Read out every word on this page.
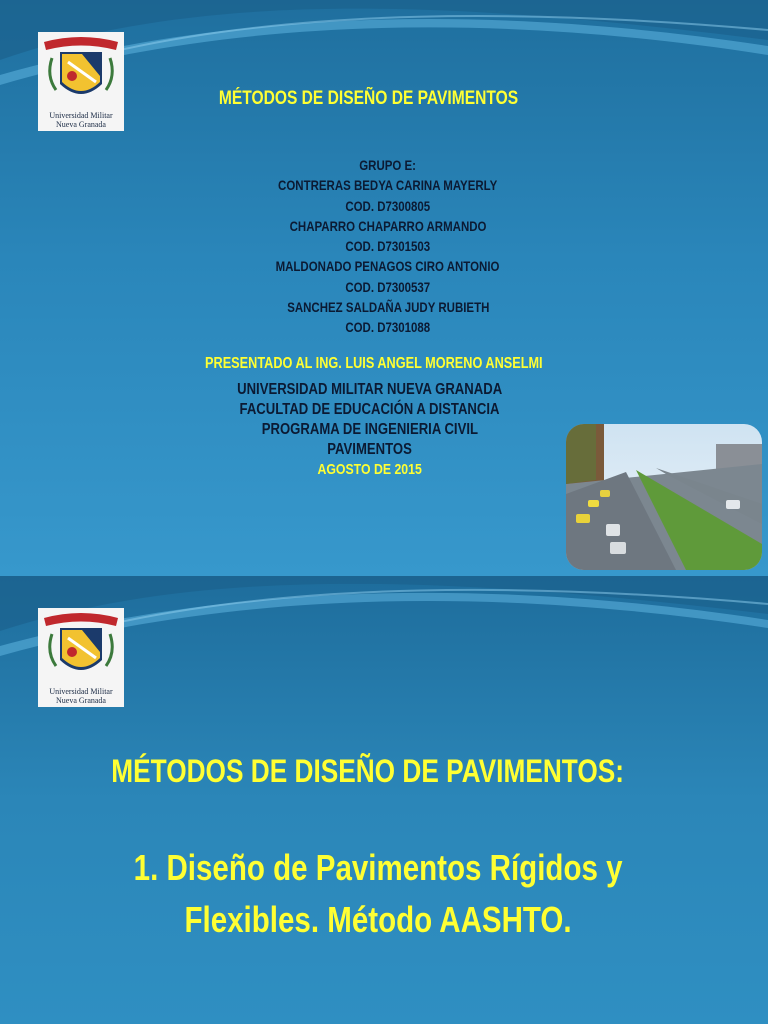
Universidad Militar
Nueva Granada
MÉTODOS DE DISEÑO DE PAVIMENTOS
GRUPO E:
CONTRERAS BEDYA CARINA MAYERLY
COD. D7300805
CHAPARRO CHAPARRO ARMANDO
COD. D7301503
MALDONADO PENAGOS CIRO ANTONIO
COD. D7300537
SANCHEZ SALDAÑA JUDY RUBIETH
COD. D7301088
PRESENTADO AL ING. LUIS ANGEL MORENO ANSELMI
UNIVERSIDAD MILITAR NUEVA GRANADA
FACULTAD DE EDUCACIÓN A DISTANCIA
PROGRAMA DE INGENIERIA CIVIL
PAVIMENTOS
AGOSTO DE 2015
Universidad Militar
Nueva Granada
MÉTODOS DE DISEÑO DE PAVIMENTOS:
1. Diseño de Pavimentos Rígidos y
Flexibles. Método AASHTO.
